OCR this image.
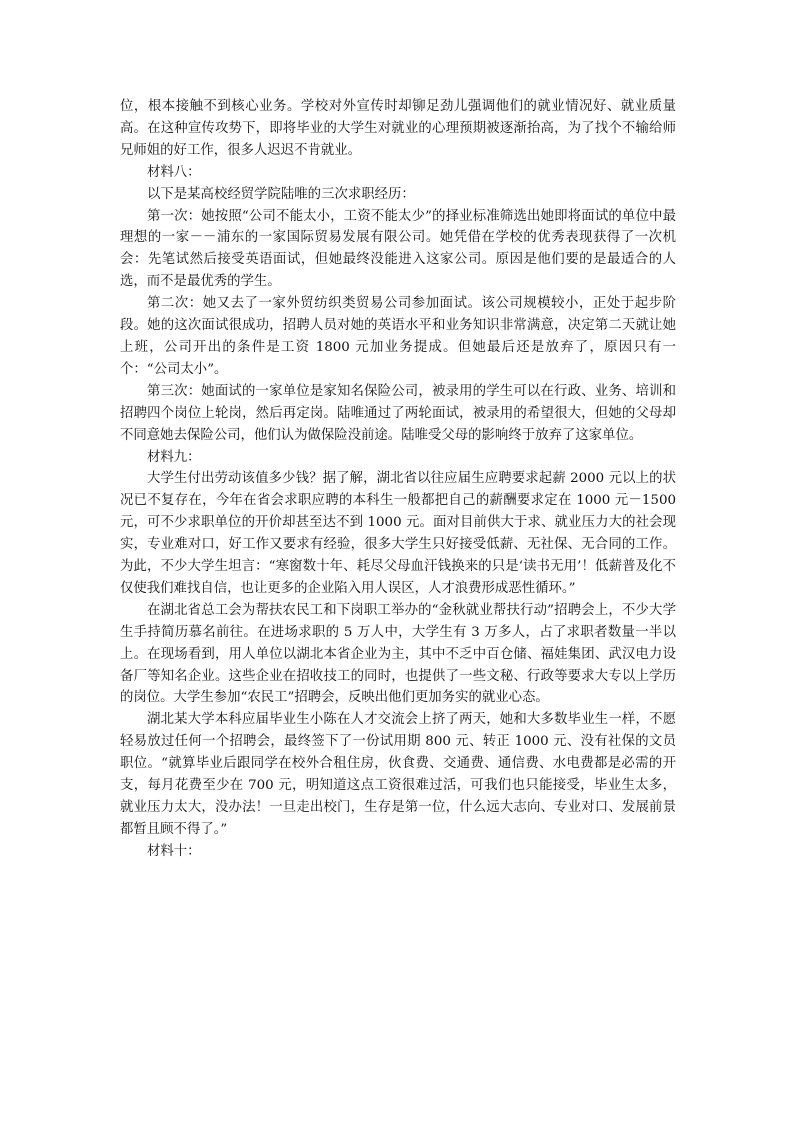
位，根本接触不到核心业务。学校对外宣传时却铆足劲儿强调他们的就业情况好、就业质量高。在这种宣传攻势下，即将毕业的大学生对就业的心理预期被逐渐抬高，为了找个不输给师兄师姐的好工作，很多人迟迟不肯就业。

材料八：

以下是某高校经贸学院陆唯的三次求职经历：

第一次：她按照“公司不能太小，工资不能太少”的择业标准筛选出她即将面试的单位中最理想的一家－－浦东的一家国际贸易发展有限公司。她凭借在学校的优秀表现获得了一次机会：先笔试然后接受英语面试，但她最终没能进入这家公司。原因是他们要的是最适合的人选，而不是最优秀的学生。

第二次：她又去了一家外贸纺织类贸易公司参加面试。该公司规模较小，正处于起步阶段。她的这次面试很成功，招聘人员对她的英语水平和业务知识非常满意，决定第二天就让她上班，公司开出的条件是工资 1800 元加业务提成。但她最后还是放弃了，原因只有一个：“公司太小”。

第三次：她面试的一家单位是家知名保险公司，被录用的学生可以在行政、业务、培训和招聘四个岗位上轮岗，然后再定岗。陆唯通过了两轮面试，被录用的希望很大，但她的父母却不同意她去保险公司，他们认为做保险没前途。陆唯受父母的影响终于放弃了这家单位。

材料九：

大学生付出劳动该值多少钱？据了解，湖北省以往应届生应聘要求起薪 2000 元以上的状况已不复存在，今年在省会求职应聘的本科生一般都把自己的薪酬要求定在 1000 元－1500 元，可不少求职单位的开价却甚至达不到 1000 元。面对目前供大于求、就业压力大的社会现实，专业难对口，好工作又要求有经验，很多大学生只好接受低薪、无社保、无合同的工作。为此，不少大学生坦言：“寒窗数十年、耗尽父母血汗钱换来的只是‘读书无用’！低薪普及化不仅使我们难找自信，也让更多的企业陷入用人误区，人才浪费形成恶性循环。”

在湖北省总工会为帮扶农民工和下岗职工举办的“金秋就业帮扶行动”招聘会上，不少大学生手持简历慕名前往。在进场求职的 5 万人中，大学生有 3 万多人，占了求职者数量一半以上。在现场看到，用人单位以湖北本省企业为主，其中不乏中百仓储、福娃集团、武汉电力设备厂等知名企业。这些企业在招收技工的同时，也提供了一些文秘、行政等要求大专以上学历的岗位。大学生参加“农民工”招聘会，反映出他们更加务实的就业心态。

湖北某大学本科应届毕业生小陈在人才交流会上挤了两天，她和大多数毕业生一样，不愿轻易放过任何一个招聘会，最终签下了一份试用期 800 元、转正 1000 元、没有社保的文员职位。“就算毕业后跟同学在校外合租住房，伙食费、交通费、通信费、水电费都是必需的开支，每月花费至少在 700 元，明知道这点工资很难过活，可我们也只能接受，毕业生太多，就业压力太大，没办法！一旦走出校门，生存是第一位，什么远大志向、专业对口、发展前景都暂且顾不得了。”

材料十：
